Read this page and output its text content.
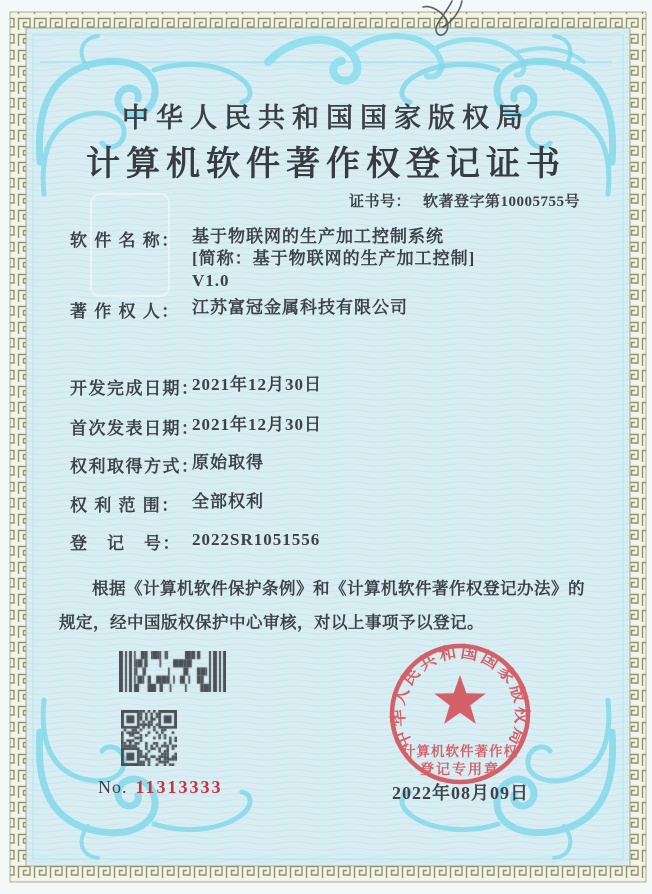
中华人民共和国国家版权局
计算机软件著作权登记证书
证书号： 软著登字第10005755号
软 件 名 称： 基于物联网的生产加工控制系统
[简称：基于物联网的生产加工控制]
V1.0
著 作 权 人： 江苏富冠金属科技有限公司
开发完成日期：
2021年12月30日
首次发表日期：
2021年12月30日
权利取得方式：
原始取得
权 利 范 围： 全部权利
登　记　号： 2022SR1051556

根据《计算机软件保护条例》和《计算机软件著作权登记办法》的规定，经中国版权保护中心审核，对以上事项予以登记。

No. 11313333
中华人民共和国国家版权局
计算机软件著作权
登记专用章
2022年08月09日
